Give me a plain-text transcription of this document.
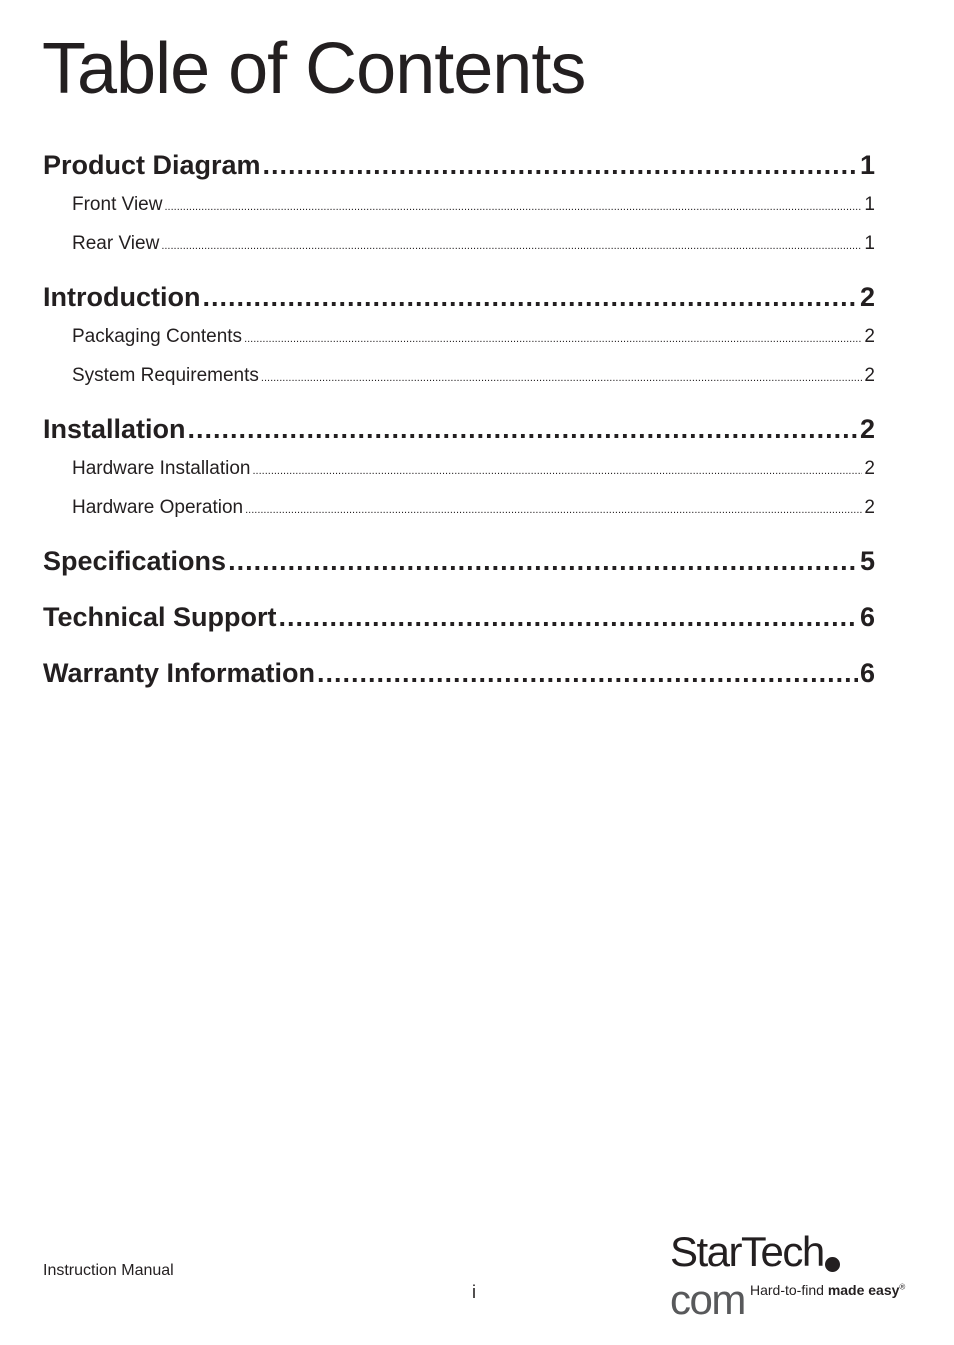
Table of Contents
Product Diagram .....	1
Front View .....	1
Rear View .....	1
Introduction .....	2
Packaging Contents .....	2
System Requirements .....	2
Installation .....	2
Hardware Installation .....	2
Hardware Operation .....	2
Specifications .....	5
Technical Support .....	6
Warranty Information .....	6
Instruction Manual
i
StarTechcom Hard-to-find made easy®
